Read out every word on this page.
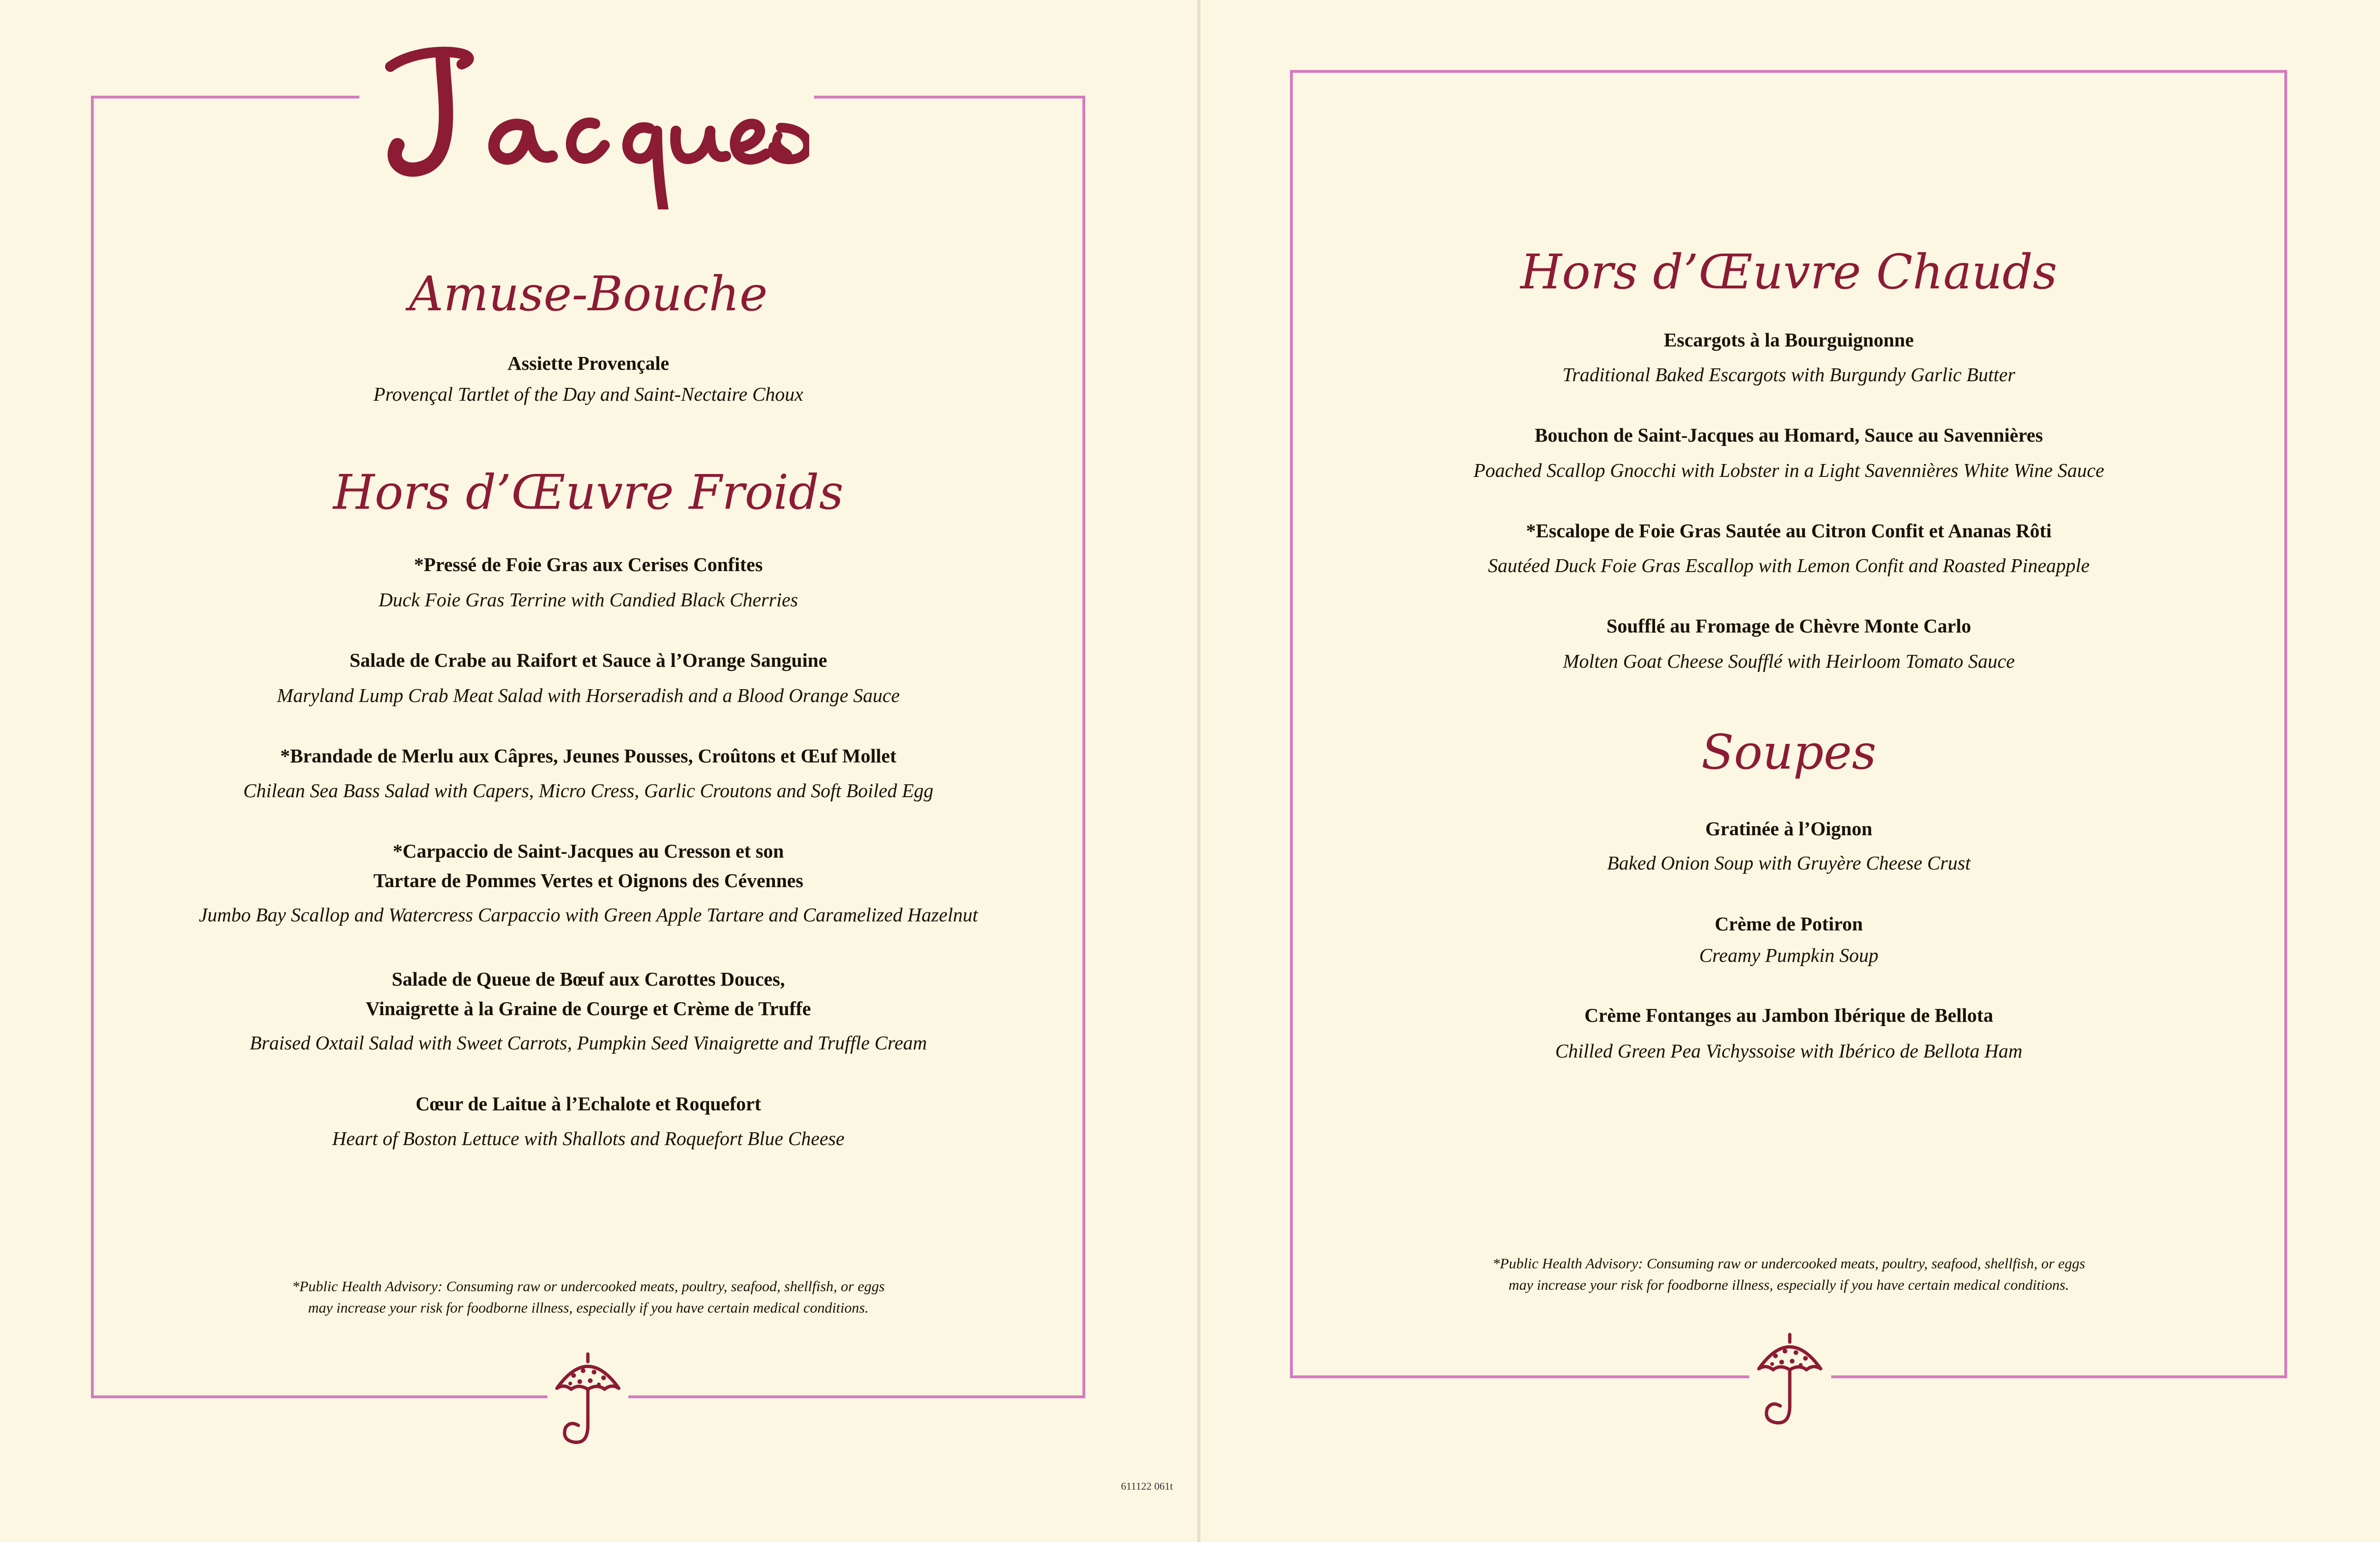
Amuse-Bouche
Assiette Provençale
Provençal Tartlet of the Day and Saint-Nectaire Choux
Hors d’Œuvre Froids
*Pressé de Foie Gras aux Cerises Confites
Duck Foie Gras Terrine with Candied Black Cherries
Salade de Crabe au Raifort et Sauce à l’Orange Sanguine
Maryland Lump Crab Meat Salad with Horseradish and a Blood Orange Sauce
*Brandade de Merlu aux Câpres, Jeunes Pousses, Croûtons et Œuf Mollet
Chilean Sea Bass Salad with Capers, Micro Cress, Garlic Croutons and Soft Boiled Egg
*Carpaccio de Saint-Jacques au Cresson et son
Tartare de Pommes Vertes et Oignons des Cévennes
Jumbo Bay Scallop and Watercress Carpaccio with Green Apple Tartare and Caramelized Hazelnut
Salade de Queue de Bœuf aux Carottes Douces,
Vinaigrette à la Graine de Courge et Crème de Truffe
Braised Oxtail Salad with Sweet Carrots, Pumpkin Seed Vinaigrette and Truffle Cream
Cœur de Laitue à l’Echalote et Roquefort
Heart of Boston Lettuce with Shallots and Roquefort Blue Cheese
*Public Health Advisory: Consuming raw or undercooked meats, poultry, seafood, shellfish, or eggs
may increase your risk for foodborne illness, especially if you have certain medical conditions.
611122 061t
Hors d’Œuvre Chauds
Escargots à la Bourguignonne
Traditional Baked Escargots with Burgundy Garlic Butter
Bouchon de Saint-Jacques au Homard, Sauce au Savennières
Poached Scallop Gnocchi with Lobster in a Light Savennières White Wine Sauce
*Escalope de Foie Gras Sautée au Citron Confit et Ananas Rôti
Sautéed Duck Foie Gras Escallop with Lemon Confit and Roasted Pineapple
Soufflé au Fromage de Chèvre Monte Carlo
Molten Goat Cheese Soufflé with Heirloom Tomato Sauce
Soupes
Gratinée à l’Oignon
Baked Onion Soup with Gruyère Cheese Crust
Crème de Potiron
Creamy Pumpkin Soup
Crème Fontanges au Jambon Ibérique de Bellota
Chilled Green Pea Vichyssoise with Ibérico de Bellota Ham
*Public Health Advisory: Consuming raw or undercooked meats, poultry, seafood, shellfish, or eggs
may increase your risk for foodborne illness, especially if you have certain medical conditions.
